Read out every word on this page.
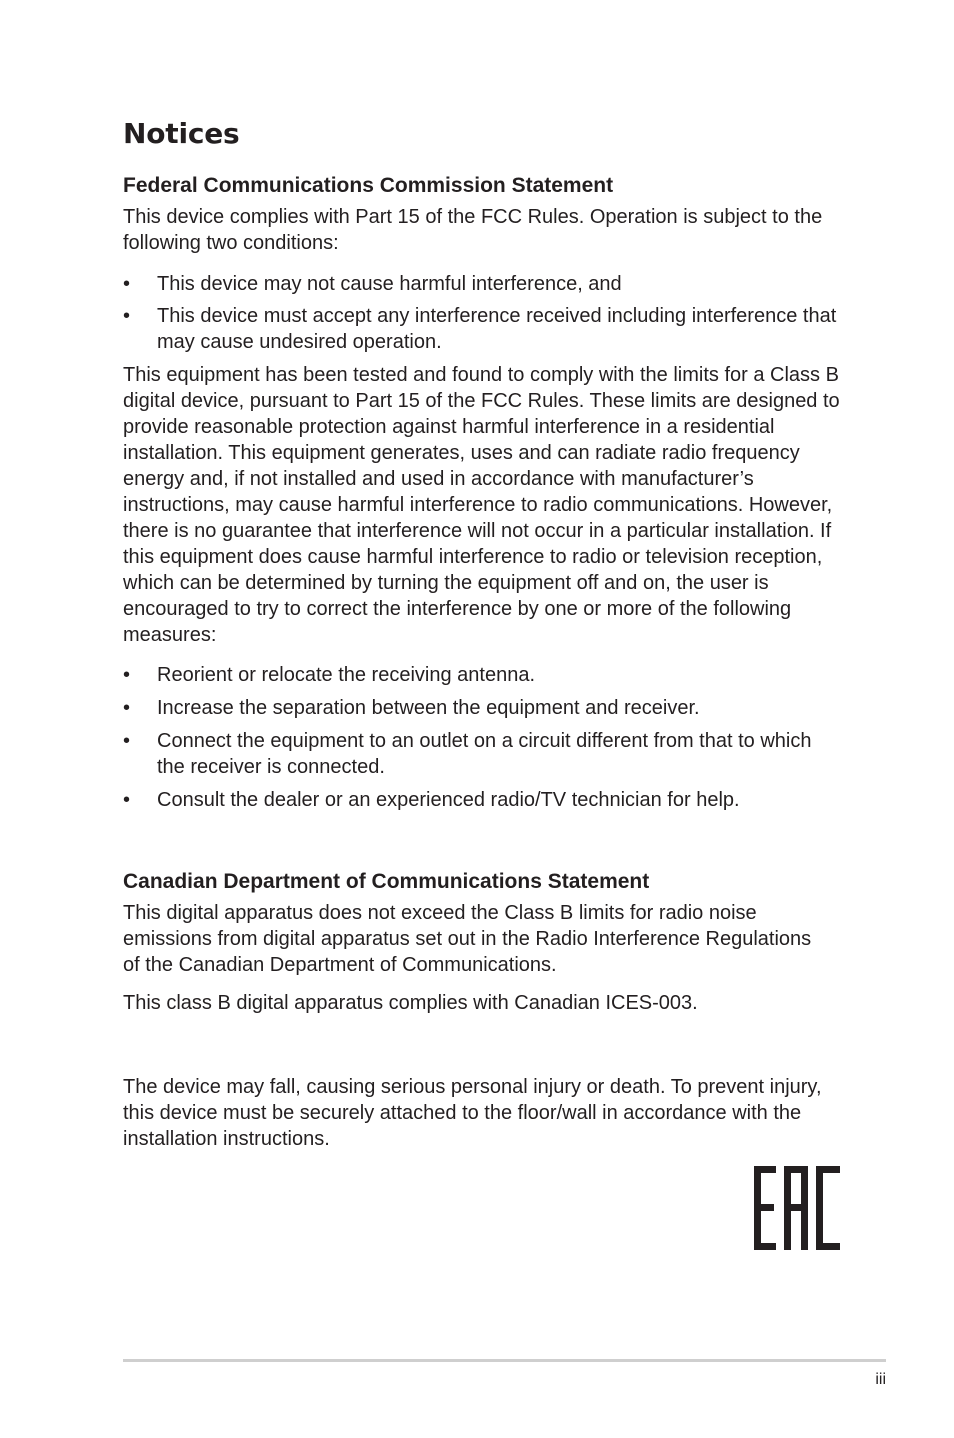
Notices
Federal Communications Commission Statement

This device complies with Part 15 of the FCC Rules. Operation is subject to the following two conditions:

• This device may not cause harmful interference, and
• This device must accept any interference received including interference that may cause undesired operation.

This equipment has been tested and found to comply with the limits for a Class B digital device, pursuant to Part 15 of the FCC Rules. These limits are designed to provide reasonable protection against harmful interference in a residential installation. This equipment generates, uses and can radiate radio frequency energy and, if not installed and used in accordance with manufacturer’s instructions, may cause harmful interference to radio communications. However, there is no guarantee that interference will not occur in a particular installation. If this equipment does cause harmful interference to radio or television reception, which can be determined by turning the equipment off and on, the user is encouraged to try to correct the interference by one or more of the following measures:

• Reorient or relocate the receiving antenna.
• Increase the separation between the equipment and receiver.
• Connect the equipment to an outlet on a circuit different from that to which the receiver is connected.
• Consult the dealer or an experienced radio/TV technician for help.
Canadian Department of Communications Statement

This digital apparatus does not exceed the Class B limits for radio noise emissions from digital apparatus set out in the Radio Interference Regulations of the Canadian Department of Communications.

This class B digital apparatus complies with Canadian ICES-003.

The device may fall, causing serious personal injury or death. To prevent injury, this device must be securely attached to the floor/wall in accordance with the installation instructions.

iii
